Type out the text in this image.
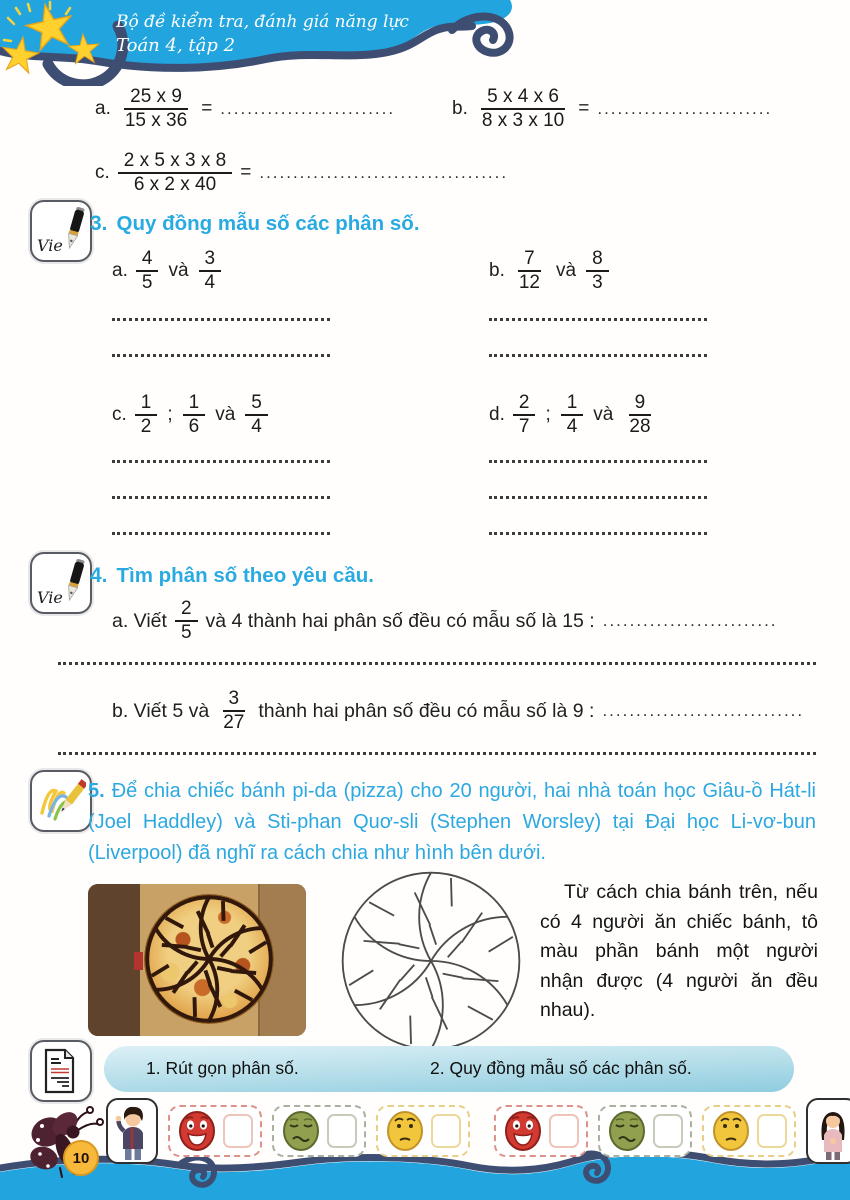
Bộ đề kiểm tra, đánh giá năng lực
Toán 4, tập 2
a. $\frac{25 x 9}{15 x 36}$ = ..........................	b. $\frac{5 x 4 x 6}{8 x 3 x 10}$ = ..........................
c. $\frac{2 x 5 x 3 x 8}{6 x 2 x 40}$ = .....................................
Vie
3. Quy đồng mẫu số các phân số.
a. $\frac{4}{5}$ và $\frac{3}{4}$	b. $\frac{7}{12}$ và $\frac{8}{3}$
c. $\frac{1}{2}$ ; $\frac{1}{6}$ và $\frac{5}{4}$	d. $\frac{2}{7}$ ; $\frac{1}{4}$ và $\frac{9}{28}$
Vie
4. Tìm phân số theo yêu cầu.
a. Viết $\frac{2}{5}$ và 4 thành hai phân số đều có mẫu số là 15 : ..........................
b. Viết 5 và $\frac{3}{27}$ thành hai phân số đều có mẫu số là 9 : ..............................

5. Để chia chiếc bánh pi-da (pizza) cho 20 người, hai nhà toán học Giâu-ồ Hát-li (Joel Haddley) và Sti-phan Quơ-sli (Stephen Worsley) tại Đại học Li-vơ-bun (Liverpool) đã nghĩ ra cách chia như hình bên dưới.

Từ cách chia bánh trên, nếu có 4 người ăn chiếc bánh, tô màu phần bánh một người nhận được (4 người ăn đều nhau).

1. Rút gọn phân số.	2. Quy đồng mẫu số các phân số.
10
